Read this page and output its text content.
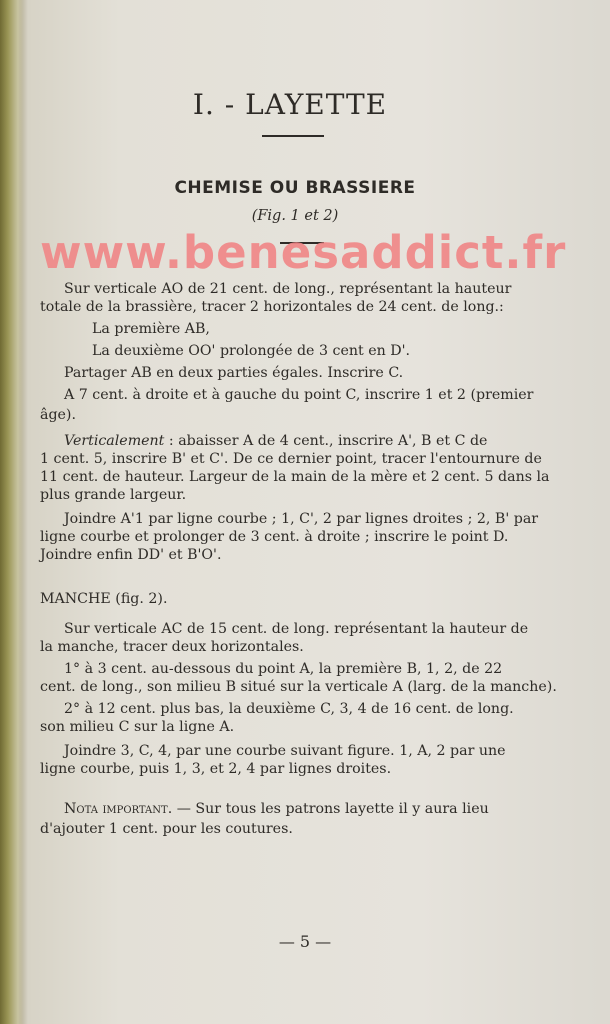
I. - LAYETTE
CHEMISE OU BRASSIERE
(Fig. 1 et 2)
Sur verticale AO de 21 cent. de long., représentant la hauteur
totale de la brassière, tracer 2 horizontales de 24 cent. de long.:
La première AB,
La deuxième OO' prolongée de 3 cent en D'.
Partager AB en deux parties égales. Inscrire C.
A 7 cent. à droite et à gauche du point C, inscrire 1 et 2 (premier
âge).
Verticalement : abaisser A de 4 cent., inscrire A', B et C de
1 cent. 5, inscrire B' et C'. De ce dernier point, tracer l'entournure de
11 cent. de hauteur. Largeur de la main de la mère et 2 cent. 5 dans la
plus grande largeur.
Joindre A'1 par ligne courbe ; 1, C', 2 par lignes droites ; 2, B' par
ligne courbe et prolonger de 3 cent. à droite ; inscrire le point D.
Joindre enfin DD' et B'O'.
MANCHE (fig. 2).
Sur verticale AC de 15 cent. de long. représentant la hauteur de
la manche, tracer deux horizontales.
1° à 3 cent. au-dessous du point A, la première B, 1, 2, de 22
cent. de long., son milieu B situé sur la verticale A (larg. de la manche).
2° à 12 cent. plus bas, la deuxième C, 3, 4 de 16 cent. de long.
son milieu C sur la ligne A.
Joindre 3, C, 4, par une courbe suivant figure. 1, A, 2 par une
ligne courbe, puis 1, 3, et 2, 4 par lignes droites.
Nota important. — Sur tous les patrons layette il y aura lieu
d'ajouter 1 cent. pour les coutures.
— 5 —
www.benesaddict.fr
